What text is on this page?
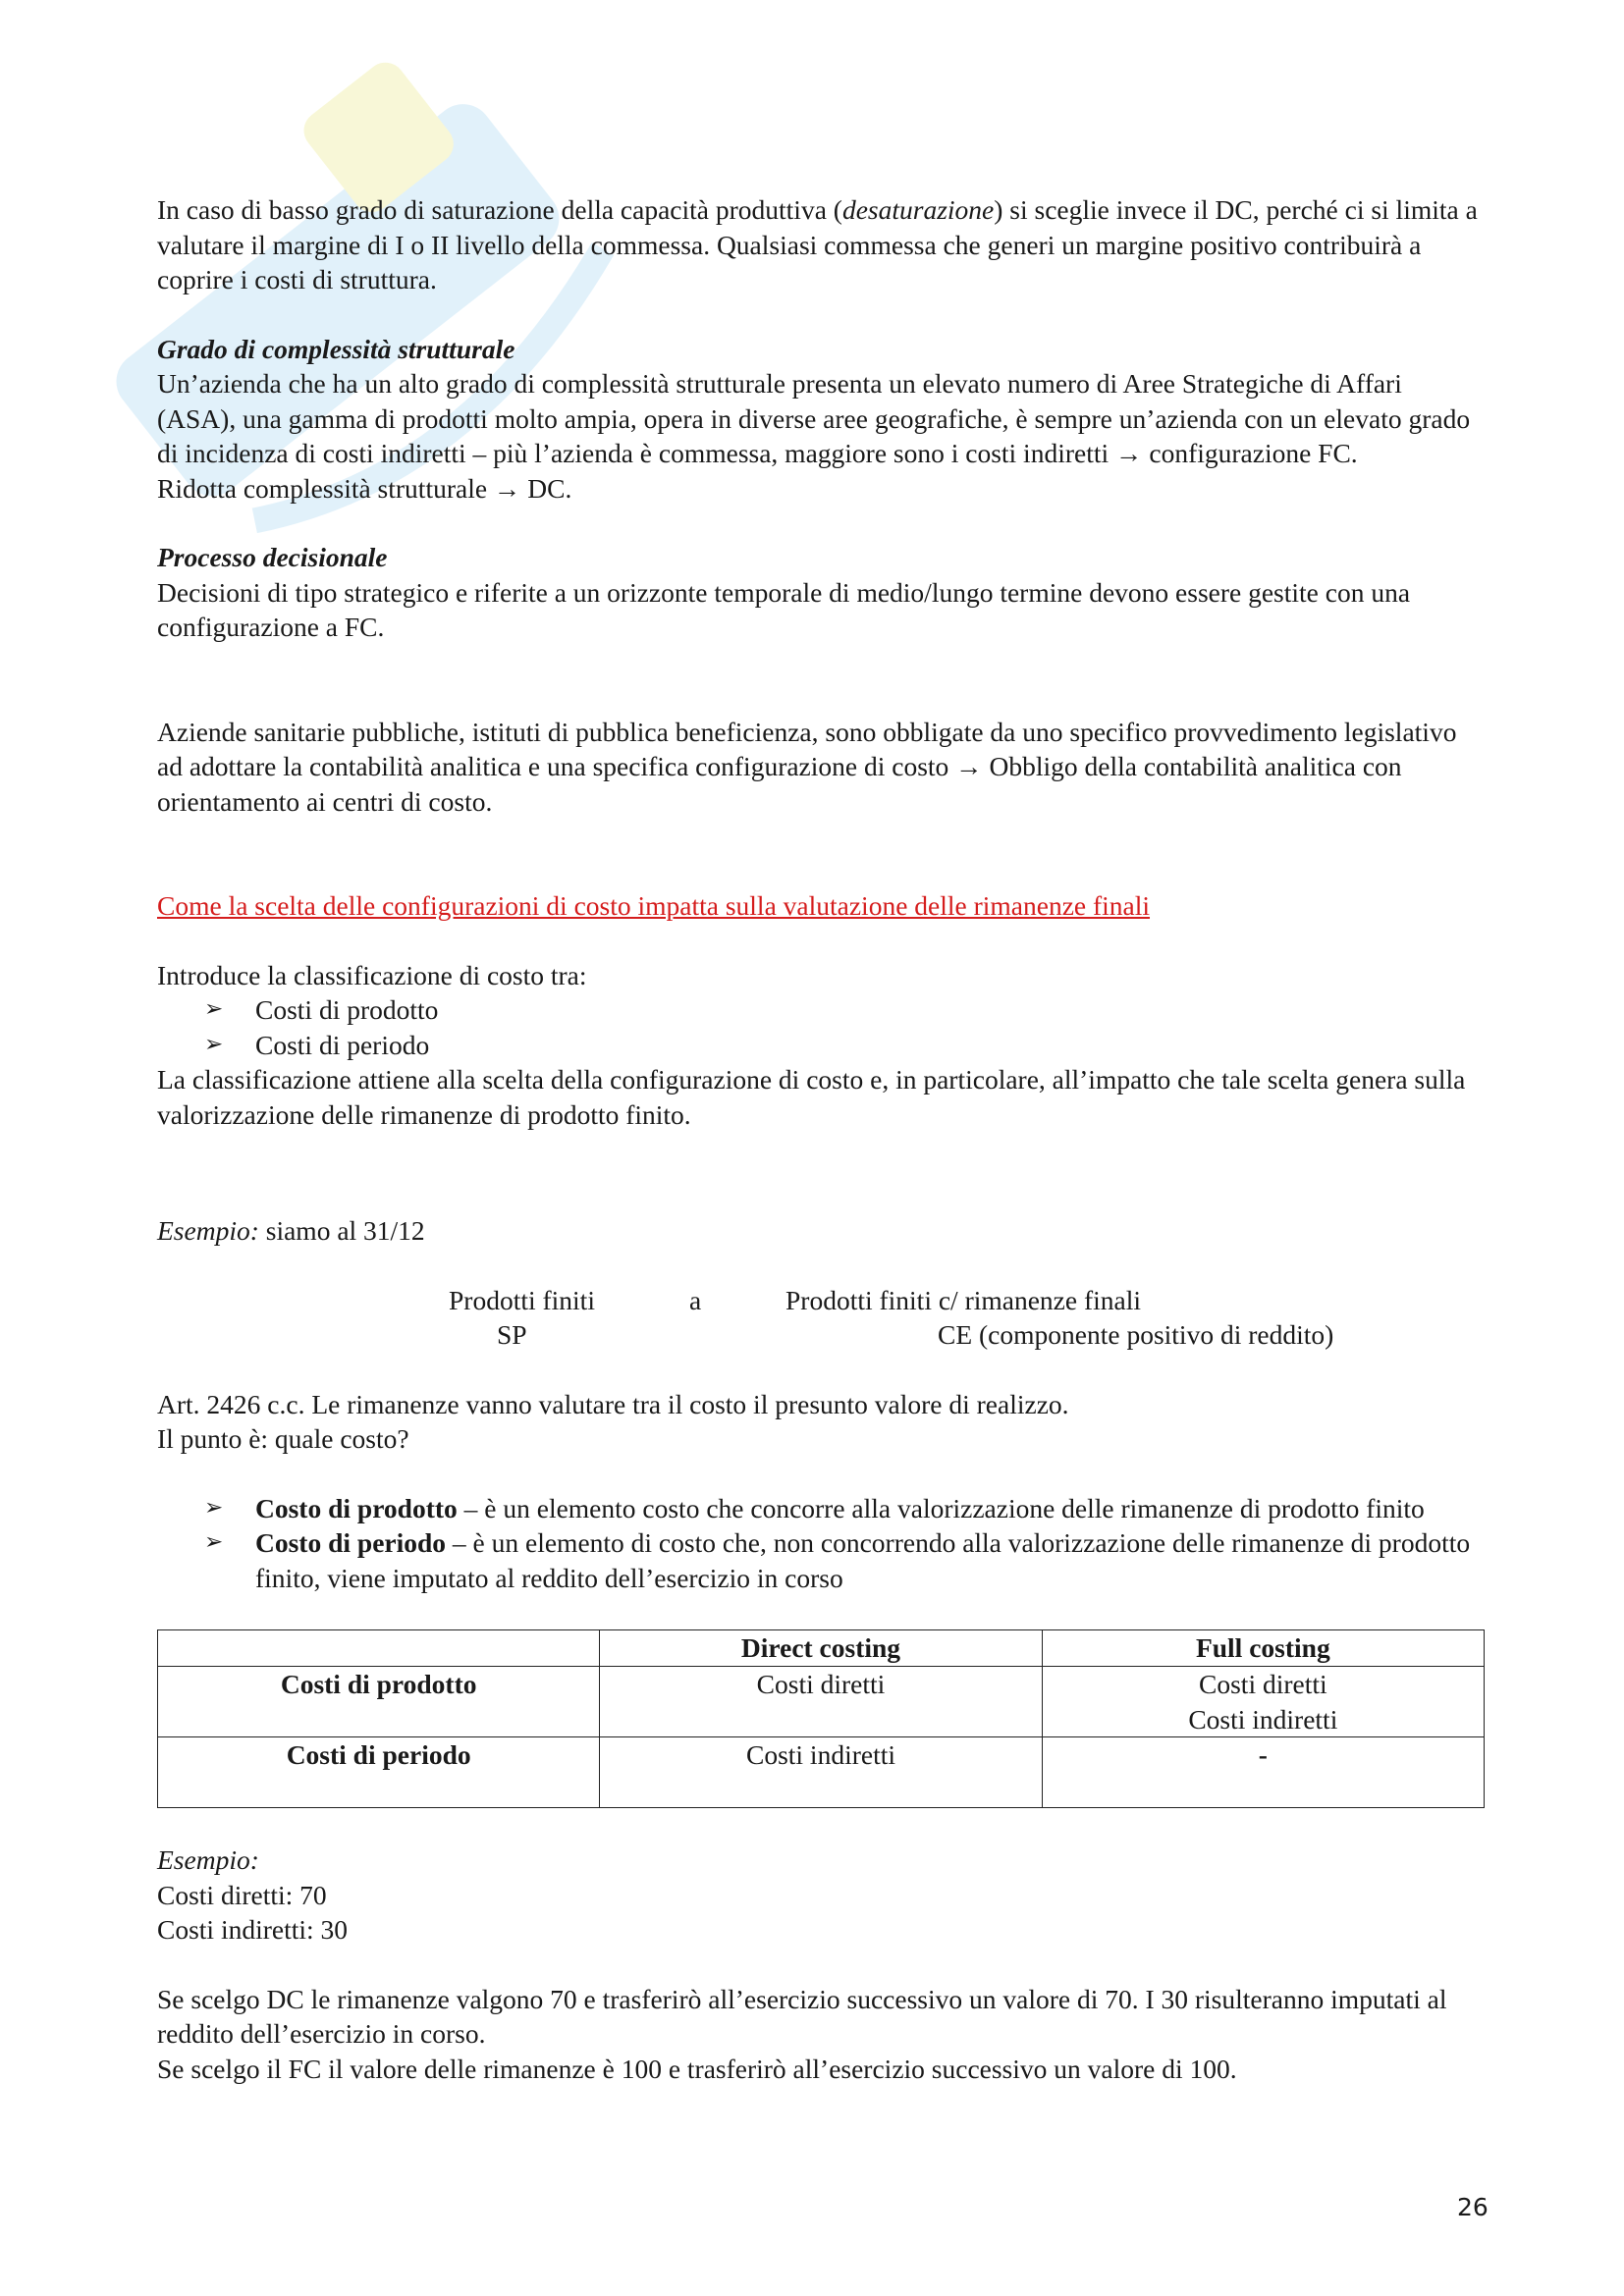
In caso di basso grado di saturazione della capacità produttiva (desaturazione) si sceglie invece il DC, perché ci si limita a valutare il margine di I o II livello della commessa. Qualsiasi commessa che generi un margine positivo contribuirà a coprire i costi di struttura.

Grado di complessità strutturale

Un’azienda che ha un alto grado di complessità strutturale presenta un elevato numero di Aree Strategiche di Affari (ASA), una gamma di prodotti molto ampia, opera in diverse aree geografiche, è sempre un’azienda con un elevato grado di incidenza di costi indiretti – più l’azienda è commessa, maggiore sono i costi indiretti → configurazione FC.

Ridotta complessità strutturale → DC.

Processo decisionale

Decisioni di tipo strategico e riferite a un orizzonte temporale di medio/lungo termine devono essere gestite con una configurazione a FC.

Aziende sanitarie pubbliche, istituti di pubblica beneficienza, sono obbligate da uno specifico provvedimento legislativo ad adottare la contabilità analitica e una specifica configurazione di costo → Obbligo della contabilità analitica con orientamento ai centri di costo.

Come la scelta delle configurazioni di costo impatta sulla valutazione delle rimanenze finali

Introduce la classificazione di costo tra:

➢ Costi di prodotto
➢ Costi di periodo

La classificazione attiene alla scelta della configurazione di costo e, in particolare, all’impatto che tale scelta genera sulla valorizzazione delle rimanenze di prodotto finito.

Esempio: siamo al 31/12

Prodotti finiti	a	Prodotti finiti c/ rimanenze finali
SP	CE (componente positivo di reddito)

Art. 2426 c.c. Le rimanenze vanno valutare tra il costo il presunto valore di realizzo.

Il punto è: quale costo?

➢ Costo di prodotto – è un elemento costo che concorre alla valorizzazione delle rimanenze di prodotto finito
➢ Costo di periodo – è un elemento di costo che, non concorrendo alla valorizzazione delle rimanenze di prodotto finito, viene imputato al reddito dell’esercizio in corso
	Direct costing	Full costing
Costi di prodotto	Costi diretti	Costi diretti
Costi indiretti

Costi di periodo	Costi indiretti	-

Esempio:

Costi diretti: 70

Costi indiretti: 30

Se scelgo DC le rimanenze valgono 70 e trasferirò all’esercizio successivo un valore di 70. I 30 risulteranno imputati al reddito dell’esercizio in corso.

Se scelgo il FC il valore delle rimanenze è 100 e trasferirò all’esercizio successivo un valore di 100.

26
